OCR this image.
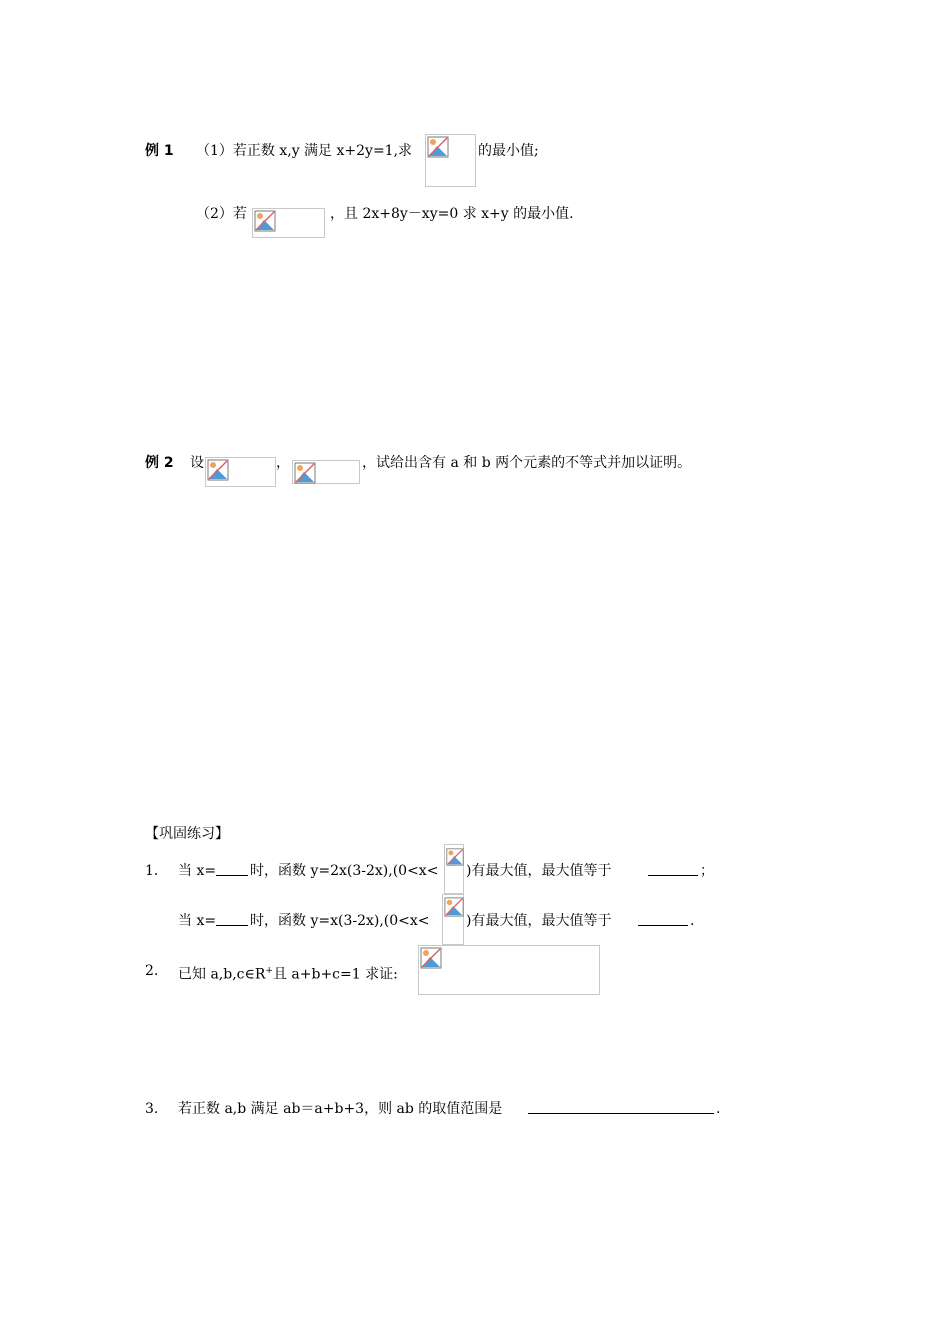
例 1 （1）若正数 x,y 满足 x+2y=1,求	的最小值;
（2）若	，且 2x+8y－xy=0 求 x+y 的最小值.
例 2 设	，	，试给出含有 a 和 b 两个元素的不等式并加以证明。
【巩固练习】
1. 当 x= 时，函数 y=2x(3-2x),(0<x< )有最大值，最大值等于	；
当 x= 时，函数 y=x(3-2x),(0<x<	)有最大值，最大值等于	.
2. 已知 a,b,c∈R+且 a+b+c=1 求证:
3. 若正数 a,b 满足 ab＝a+b+3，则 ab 的取值范围是	.
